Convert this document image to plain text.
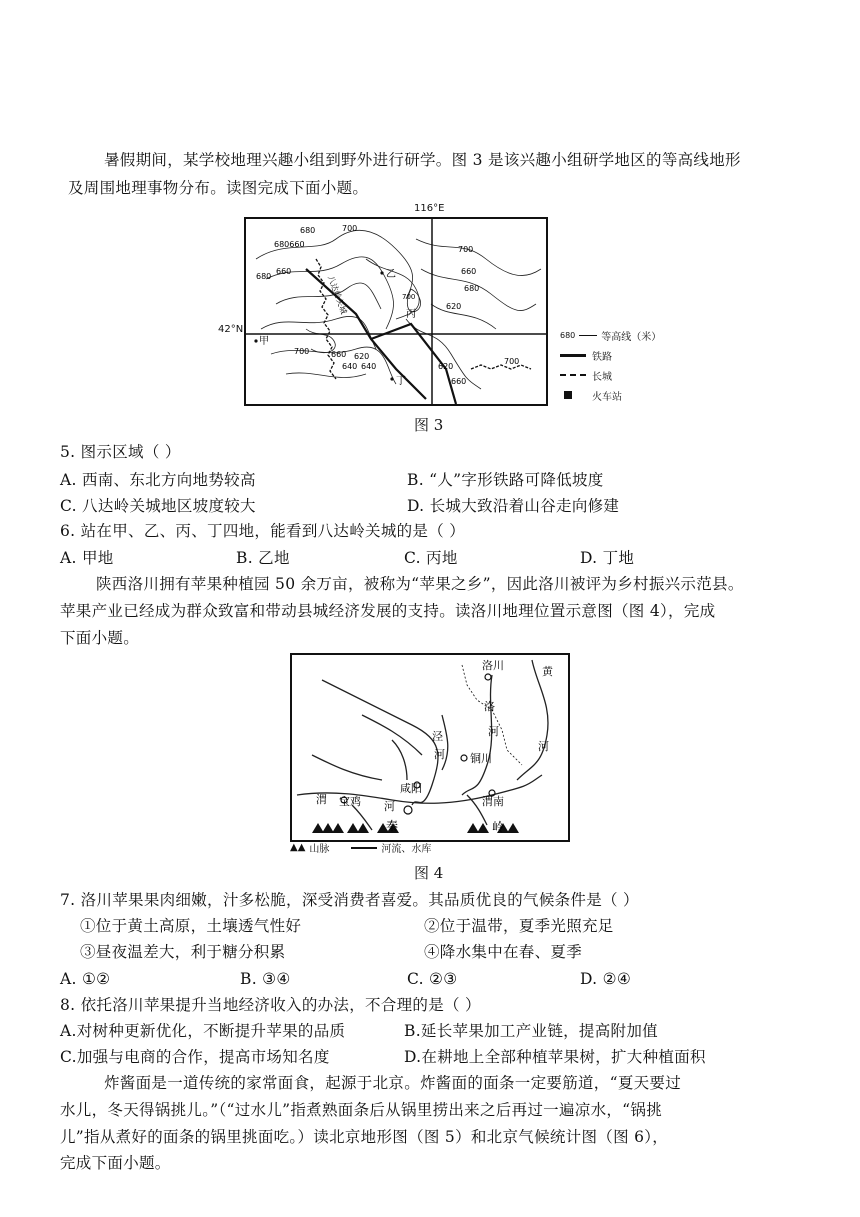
暑假期间，某学校地理兴趣小组到野外进行研学。图 3 是该兴趣小组研学地区的等高线地形
及周围地理事物分布。读图完成下面小题。
680	700
680660
700
660
680
660
680
700
620
700	660 620
640
700
660
620
640
八达岭关城
乙
丙
丁
甲
116°E
42°N	680	等高线（米）
铁路
长城
火车站
图 3
5. 图示区域（ ）
A. 西南、东北方向地势较高	B. “人”字形铁路可降低坡度
C. 八达岭关城地区坡度较大	D. 长城大致沿着山谷走向修建
6. 站在甲、乙、丙、丁四地，能看到八达岭关城的是（ ）
A. 甲地	B. 乙地	C. 丙地	D. 丁地
陕西洛川拥有苹果种植园 50 余万亩，被称为“苹果之乡”，因此洛川被评为乡村振兴示范县。
苹果产业已经成为群众致富和带动县城经济发展的支持。读洛川地理位置示意图（图 4），完成
下面小题。
洛川	黄
河
洛
河
铜川
泾
河
渭 宝鸡
咸阳
渭南
河
秦	岭
▲▲ 山脉	河流、水库
图 4
7. 洛川苹果果肉细嫩，汁多松脆，深受消费者喜爱。其品质优良的气候条件是（ ）
①位于黄土高原，土壤透气性好	②位于温带，夏季光照充足
③昼夜温差大，利于糖分积累	④降水集中在春、夏季
A. ①②	B. ③④	C. ②③	D. ②④
8. 依托洛川苹果提升当地经济收入的办法，不合理的是（ ）
A.对树种更新优化，不断提升苹果的品质	B.延长苹果加工产业链，提高附加值
C.加强与电商的合作，提高市场知名度	D.在耕地上全部种植苹果树，扩大种植面积
炸酱面是一道传统的家常面食，起源于北京。炸酱面的面条一定要筋道，“夏天要过
水儿，冬天得锅挑儿。”（“过水儿”指煮熟面条后从锅里捞出来之后再过一遍凉水，“锅挑
儿”指从煮好的面条的锅里挑面吃。）读北京地形图（图 5）和北京气候统计图（图 6），
完成下面小题。
